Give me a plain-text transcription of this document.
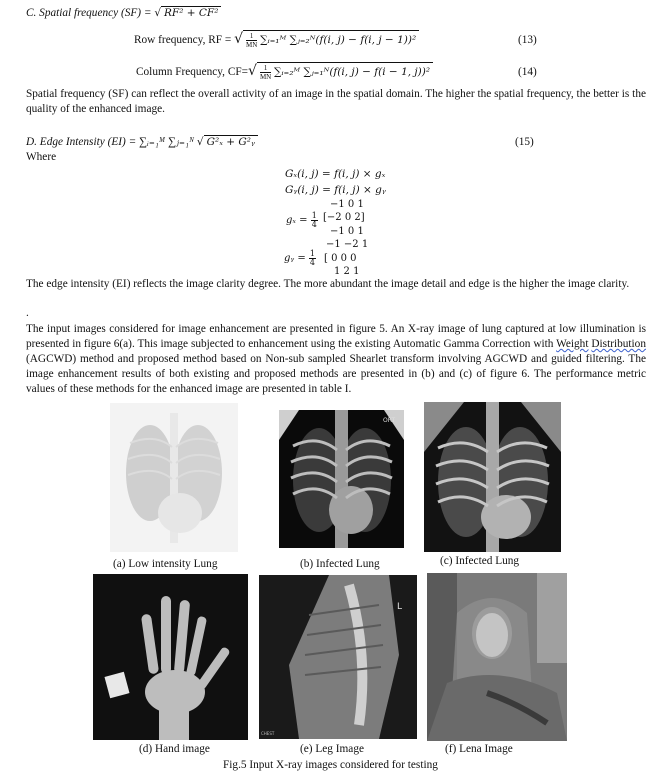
C. Spatial frequency (SF) = √ RF² + CF²
Row frequency, RF = √ $\frac{1}{MN}$ ∑ᵢ₌₁ᴹ ∑ⱼ₌₂ᴺ(f(i, j) − f(i, j − 1))²	(13)
Column Frequency, $CF=√ \frac{1}{MN}$ ∑ᵢ₌₂ᴹ ∑ⱼ₌₁ᴺ(f(i, j) − f(i − 1, j))²	(14)
Spatial frequency (SF) can reflect the overall activity of an image in the spatial domain. The higher the spatial frequency, the better is the quality of the enhanced image.
D. Edge Intensity (EI) = ∑ᵢ₌₁ᴹ ∑ⱼ₌₁ᴺ √ G²ₓ + G²ᵧ	(15)
Where
Gₓ(i, j) = f(i, j) × gₓ
Gᵧ(i, j) = f(i, j) × gᵧ
$g_x = \frac{1}{4}$
−1 0 1
[−2 0 2]
−1 0 1
−1 −2 1
gᵧ = $\frac{1}{4}$ [ 0 0 0
1 2 1
The edge intensity (EI) reflects the image clarity degree. The more abundant the image detail and edge is the higher the image clarity.
.
The input images considered for image enhancement are presented in figure 5. An X-ray image of lung captured at low illumination is presented in figure 6(a). This image subjected to enhancement using the existing Automatic Gamma Correction with Weight Distribution (AGCWD) method and proposed method based on Non-sub sampled Shearlet transform involving AGCWD and guided filtering. The image enhancement results of both existing and proposed methods are presented in (b) and (c) of figure 6. The performance metric values of these methods for the enhanced image are presented in table I.
ORT
(a) Low intensity Lung	(b) Infected Lung	(c) Infected Lung
L
CHEST
(d) Hand image	(e) Leg Image	(f) Lena Image
Fig.5 Input X-ray images considered for testing
